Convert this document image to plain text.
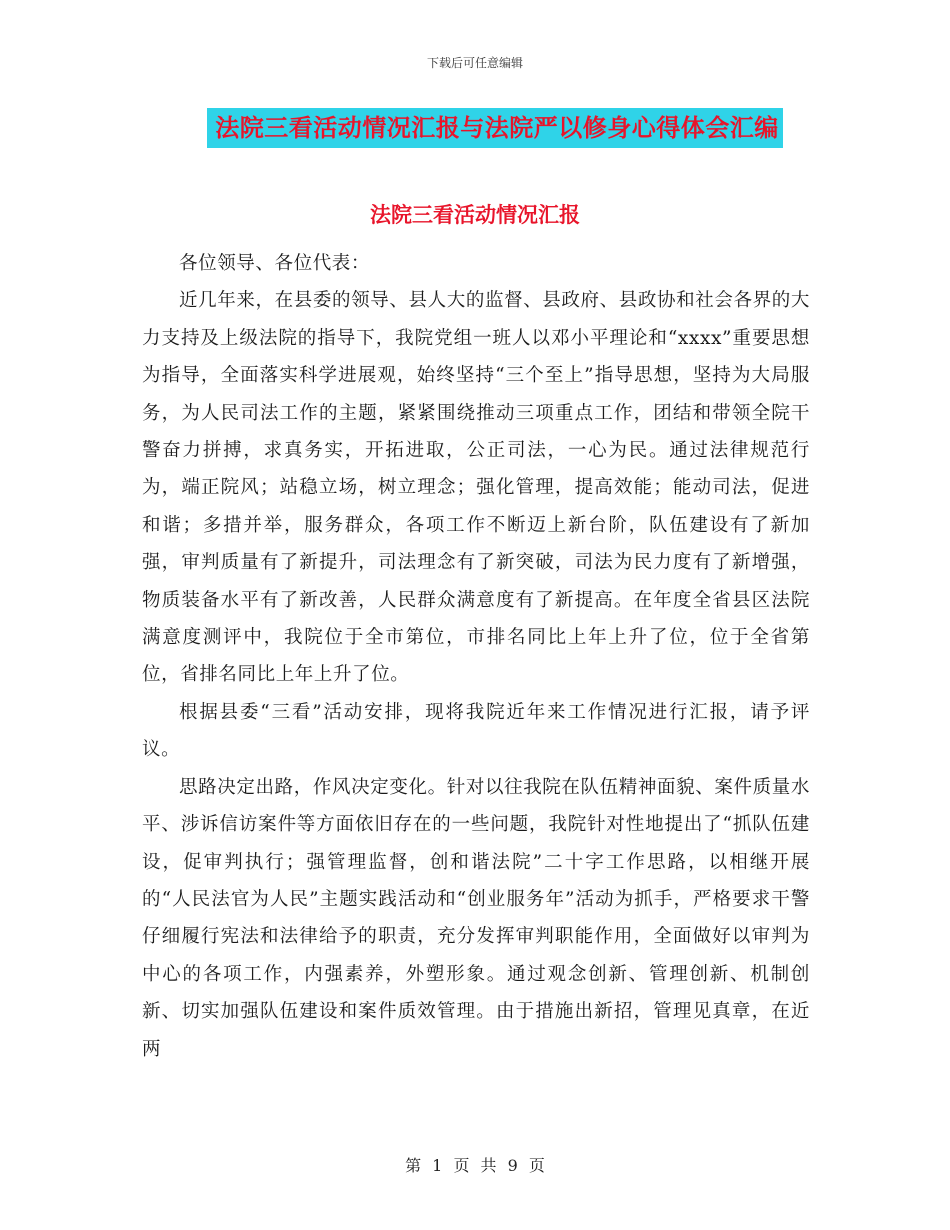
下载后可任意编辑
法院三看活动情况汇报与法院严以修身心得体会汇编
法院三看活动情况汇报

各位领导、各位代表：

近几年来，在县委的领导、县人大的监督、县政府、县政协和社会各界的大力支持及上级法院的指导下，我院党组一班人以邓小平理论和“xxxx”重要思想为指导，全面落实科学进展观，始终坚持“三个至上”指导思想，坚持为大局服务，为人民司法工作的主题，紧紧围绕推动三项重点工作，团结和带领全院干警奋力拼搏，求真务实，开拓进取，公正司法，一心为民。通过法律规范行为，端正院风；站稳立场，树立理念；强化管理，提高效能；能动司法，促进和谐；多措并举，服务群众，各项工作不断迈上新台阶，队伍建设有了新加强，审判质量有了新提升，司法理念有了新突破，司法为民力度有了新增强，物质装备水平有了新改善，人民群众满意度有了新提高。在年度全省县区法院满意度测评中，我院位于全市第位，市排名同比上年上升了位，位于全省第位，省排名同比上年上升了位。

根据县委“三看”活动安排，现将我院近年来工作情况进行汇报，请予评议。

思路决定出路，作风决定变化。针对以往我院在队伍精神面貌、案件质量水平、涉诉信访案件等方面依旧存在的一些问题，我院针对性地提出了“抓队伍建设，促审判执行；强管理监督，创和谐法院”二十字工作思路，以相继开展的“人民法官为人民”主题实践活动和“创业服务年”活动为抓手，严格要求干警仔细履行宪法和法律给予的职责，充分发挥审判职能作用，全面做好以审判为中心的各项工作，内强素养，外塑形象。通过观念创新、管理创新、机制创新、切实加强队伍建设和案件质效管理。由于措施出新招，管理见真章，在近两

第 1 页 共 9 页
